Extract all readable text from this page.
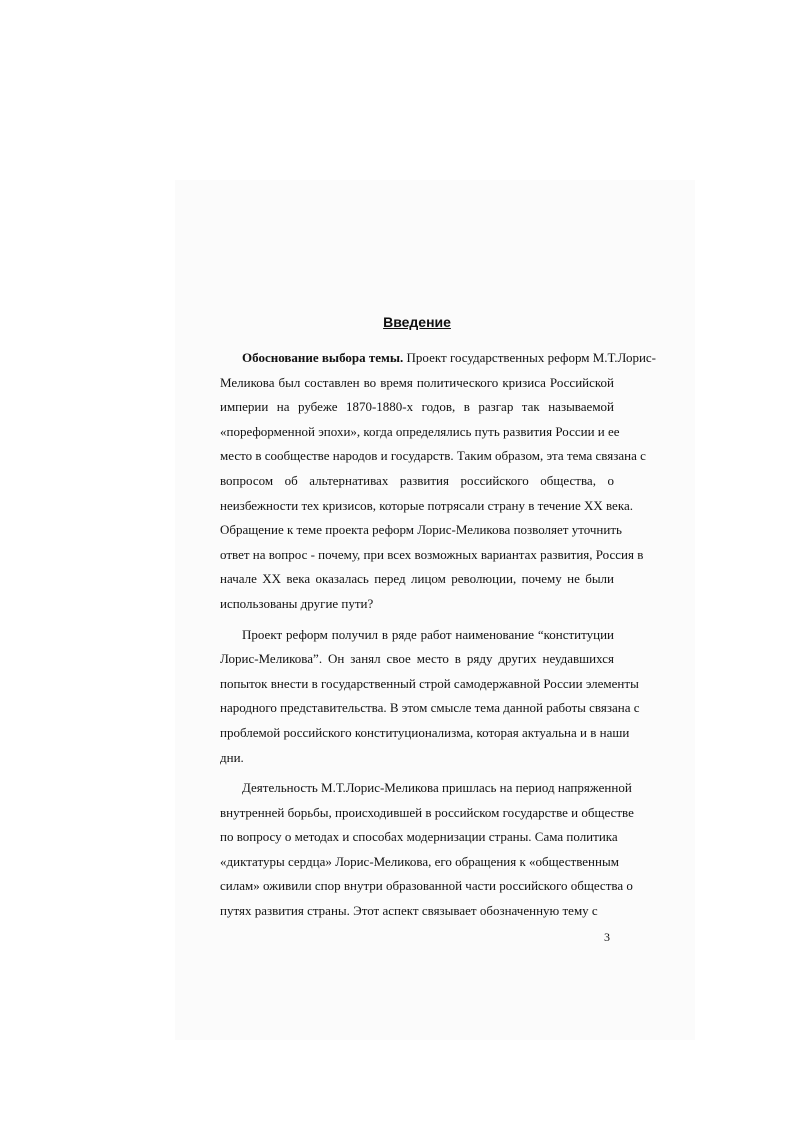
Введение
Обоснование выбора темы. Проект государственных реформ М.Т.Лорис-
Меликова был составлен во время политического кризиса Российской
империи на рубеже 1870-1880-х годов, в разгар так называемой
«пореформенной эпохи», когда определялись путь развития России и ее
место в сообществе народов и государств. Таким образом, эта тема связана с
вопросом об альтернативах развития российского общества, о
неизбежности тех кризисов, которые потрясали страну в течение XX века.
Обращение к теме проекта реформ Лорис-Меликова позволяет уточнить
ответ на вопрос - почему, при всех возможных вариантах развития, Россия в
начале XX века оказалась перед лицом революции, почему не были
использованы другие пути?
Проект реформ получил в ряде работ наименование “конституции
Лорис-Меликова”. Он занял свое место в ряду других неудавшихся
попыток внести в государственный строй самодержавной России элементы
народного представительства. В этом смысле тема данной работы связана с
проблемой российского конституционализма, которая актуальна и в наши
дни.
Деятельность М.Т.Лорис-Меликова пришлась на период напряженной
внутренней борьбы, происходившей в российском государстве и обществе
по вопросу о методах и способах модернизации страны. Сама политика
«диктатуры сердца» Лорис-Меликова, его обращения к «общественным
силам» оживили спор внутри образованной части российского общества о
путях развития страны. Этот аспект связывает обозначенную тему с
3
